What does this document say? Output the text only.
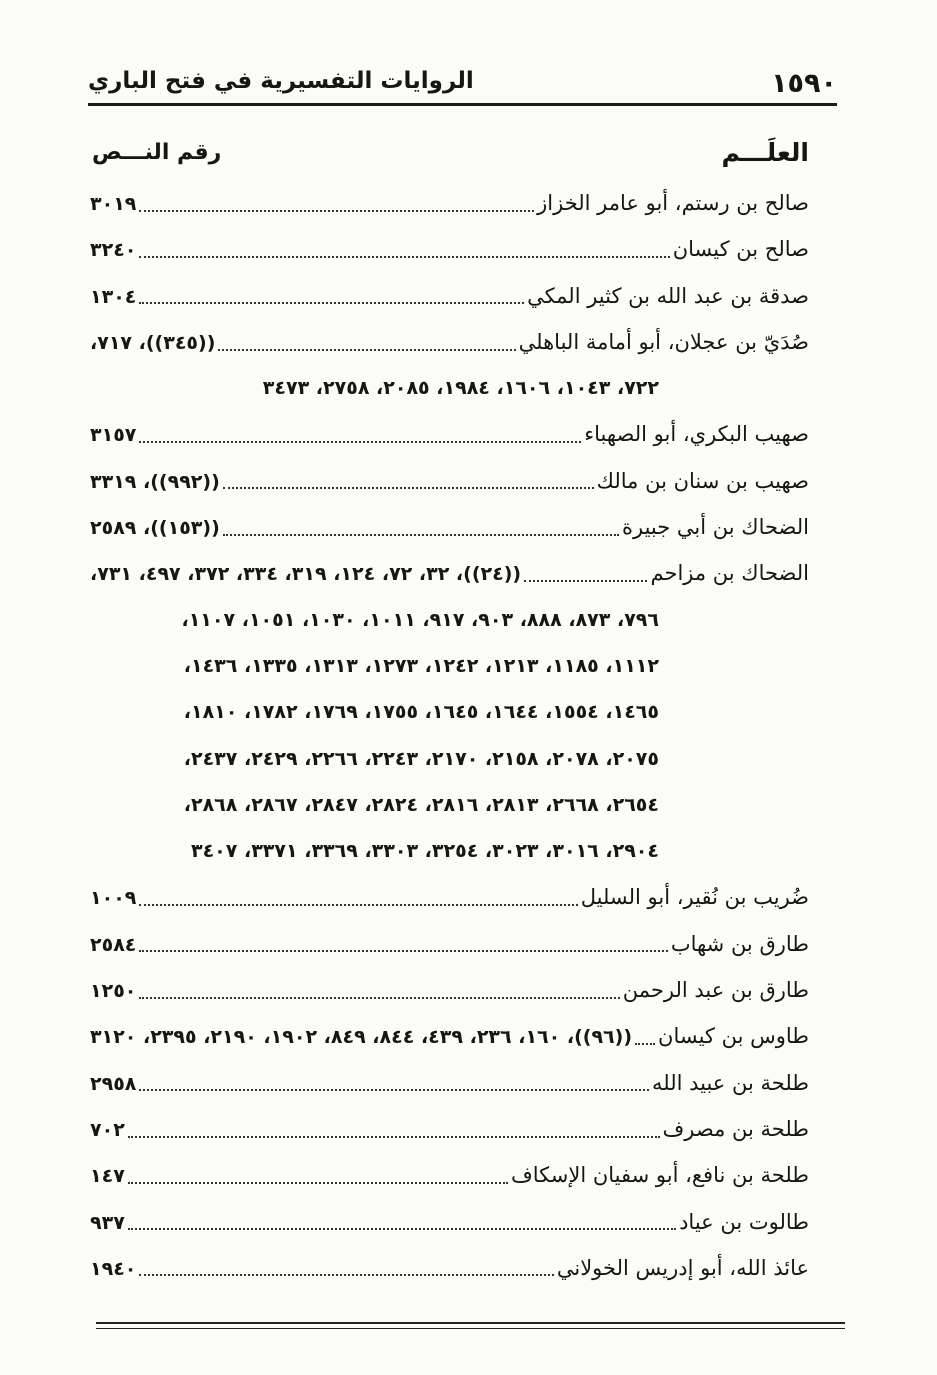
١٥٩٠
الروايات التفسيرية في فتح الباري
العلَـــم
رقم النـــص
صالح بن رستم، أبو عامر الخزاز
٣٠١٩
صالح بن كيسان
٣٢٤٠
صدقة بن عبد الله بن كثير المكي
١٣٠٤
صُدَيّ بن عجلان، أبو أمامة الباهلي
((٣٤٥))، ٧١٧،
٧٢٢، ١٠٤٣، ١٦٠٦، ١٩٨٤، ٢٠٨٥، ٢٧٥٨، ٣٤٧٣
صهيب البكري، أبو الصهباء
٣١٥٧
صهيب بن سنان بن مالك
((٩٩٢))، ٣٣١٩
الضحاك بن أبي جبيرة
((١٥٣))، ٢٥٨٩
الضحاك بن مزاحم
((٢٤))، ٣٢، ٧٢، ١٢٤، ٣١٩، ٣٣٤، ٣٧٢، ٤٩٧، ٧٣١،
٧٩٦، ٨٧٣، ٨٨٨، ٩٠٣، ٩١٧، ١٠١١، ١٠٣٠، ١٠٥١، ١١٠٧،
١١١٢، ١١٨٥، ١٢١٣، ١٢٤٢، ١٢٧٣، ١٣١٣، ١٣٣٥، ١٤٣٦،
١٤٦٥، ١٥٥٤، ١٦٤٤، ١٦٤٥، ١٧٥٥، ١٧٦٩، ١٧٨٢، ١٨١٠،
٢٠٧٥، ٢٠٧٨، ٢١٥٨، ٢١٧٠، ٢٢٤٣، ٢٢٦٦، ٢٤٢٩، ٢٤٣٧،
٢٦٥٤، ٢٦٦٨، ٢٨١٣، ٢٨١٦، ٢٨٢٤، ٢٨٤٧، ٢٨٦٧، ٢٨٦٨،
٢٩٠٤، ٣٠١٦، ٣٠٢٣، ٣٢٥٤، ٣٣٠٣، ٣٣٦٩، ٣٣٧١، ٣٤٠٧
ضُريب بن نُقير، أبو السليل
١٠٠٩
طارق بن شهاب
٢٥٨٤
طارق بن عبد الرحمن
١٢٥٠
طاوس بن كيسان
((٩٦))، ١٦٠، ٢٣٦، ٤٣٩، ٨٤٤، ٨٤٩، ١٩٠٢، ٢١٩٠، ٢٣٩٥، ٣١٢٠
طلحة بن عبيد الله
٢٩٥٨
طلحة بن مصرف
٧٠٢
طلحة بن نافع، أبو سفيان الإسكاف
١٤٧
طالوت بن عياد
٩٣٧
عائذ الله، أبو إدريس الخولاني
١٩٤٠
